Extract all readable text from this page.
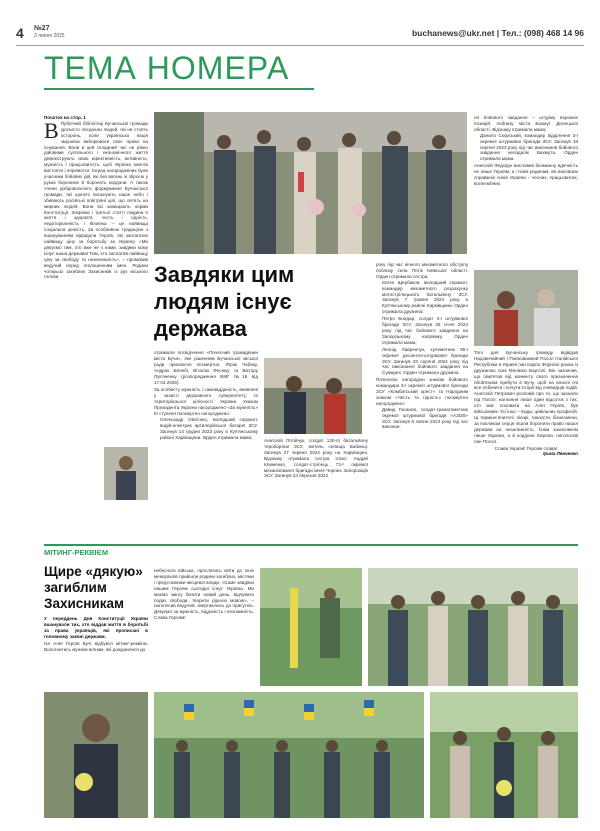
4 №27
3 липня 2025	buchanews@ukr.net | Тел.: (098) 468 14 96
ТЕМА НОМЕРА
Початок на стор. 1
В Публічній бібліотеці Бучанської громади урочисто поєднали людей, які не стоять осторонь, коли українська нація змушена виборювати своє право на існування. Вони в цей складний час не рівно дійовими суспільного і економічного життя демонструють свою ефективність, активність, мужність і працьовитість, щоб Україна змогла вистояти і перемогти. Серед нагороджених були учасники бойових дій, які без вагань зі зброєю у руках боронили й боронять кордони. А також члени добровольчого формування Бучанської громади, які щоночі пильнують наше небо і збивають російські повітряні цілі, що летять на мирних людей. Вони всі захищають норми Конституції. Зокрема і третьої статті людина її життя і здоров'я, честь і гідність, недоторканність і безпека – це найвища соціальна цінність. За особливою традицією з вшануванням відвідали Героїв, які заплатили найвищу ціну за боротьбу за Україну. «Ми дякуємо тим, хто вже не з нами, завдяки кому існує наша держава! Тим, хто заплатив найвищу ціну за свободу та незалежність», – промовив ведучий перед оголошенням імен. Родини чотирьох загиблих Захисників із рук міського голови	Завдяки цим людям існує держава
отримали посвідчення «Почесний громадянин міста Буча», яке рішенням Бучанської міської ради присвоєно посмертно: Юрію Чабаку, Андрію Белебі, Віталію Фесюку та Віктору Лук'яненку (розпорядження БМГ №16 від 17.04.2025).
За особисту мужність і самовідданість, виявлені у захисті державного суверенітету та територіальної цілісності України Указом Президента України нагороджено «За мужність» III ступеня посмертно нагороджено:
• Олександр Овсієнко, молодший сержант, водій-електрик артилерійської батареї ЗСУ. Загинув 14 грудня 2023 року в Куп'янському районі Харківщини. Орден отримала мама;
Анатолій Потійчук, солдат 130-го батальйону тероборони ЗСУ, житель селища Бабинці. Загинув 27 червня 2022 року на Харківщині. Відзнаку отримала сестра іспис; Андрій Клименко, солдат-стрілець 72-ї окремої механізованої бригади імені Чорних Запорожців ЗСУ. Загинув 24 березня 2022
року під час нічного мінометного обстрілу поблизу села Потік Київської області. Орден отримала сестра.
• Євген Щербаков, молодший сержант, командир мінометного розрахунку мотострілецького батальйону ЗСУ. Загинув 7 травня 2024 року в Куп'янському районі Харківщини. Орден отримала дружина;
• Петро Бондар, солдат 3-ї штурмової бригади ЗСУ. Загинув 25 січня 2024 року під час бойового завдання на Запорізькому напрямку. Орден отримала мама;
• Леонід Лавренчук, кулеметник 95-ї окремої десантно-штурмової бригади ЗСУ. Загинув 20 серпня 2024 року під час виконання бойового завдання на Сумщині. Орден отримала дружина.
Почесною нагородою знаком бойового командира 3-ї окремої штурмової бригади ЗСУ «Комбатський хрест» та Народним знаком «Честь та гідність» посмертно нагороджено:
• Давид Гасанов, солдат-гранатометник окремої штурмової бригади «АЗОВ» ЗСУ. Загинув 6 липня 2023 року під час виконан-
ня бойового завдання – штурму ворожих позицій, поблизу міста Бахмут Донецької області. Відзнаку отримала мама;
• Данило Скорський, командир відділення 3-ї окремої штурмової бригади ЗСУ. Загинув 19 серпня 2023 року під час виконання бойового завдання неподалік Бахмута. Орден отримала мама.
Анатолій Федорук висловив безмежну вдячність не лише Героям, а і їхнім родинам, які виховали справжніх синів України – чесних, працьовитих, волелюбних.
Того дня Бучанську громаду відвідав Надзвичайний і Повноважний Посол Італійської Республіки в Україні пан Карло Форнізіо разом із дружиною пані Монікою Бартолі. Він зазначив, що пам'ятав від моменту свого призначення обов'язком прибути в Бучу, щоб на власні очі все побачити і почути історії від очевидців подій. Анатолій Петрович розповів про те, що зазнали під Посол: нагнання лише один відсоток з тих, хто має поховати на Алеї Героїв, був військовим. Усі інші – люди, цивільних професій. Ці терміни вчителі, лікарі, таксисти, бізнесмени, за покликом серця пішли боронити право нашої держави на незалежність. Їхнім захисником лише Україна, а й кордони Європи, наголосив пан Посол.
Слава Україні! Героям слава!
Ірина Левченко
МІТИНГ-РЕКВІЄМ
Щире «дякую» загиблим Захисникам
У переддень Дня Конституції України вшанували тих, хто віддав життя в боротьбі за права українців, які прописані в головному законі держави.
На Алеї Героїв Бучі відбувся мітинг-реквієм. Вологнитись мужнім воїнам, які дожднилися до
небесного війська, прослатись квіти до їхніх меморіалів прийшли родини загиблих, містяни і представники місцевої влади. «Саме завдяки нашим Героям сьогодні існує Україна. Ми маємо змогу бачити новий день, відчувати подих свободи, творити рідною мовою», – наголосив ведучий, звертаючись до присутніх. Дякуємо за мужність, відданість і незламність. Слава Героям!
